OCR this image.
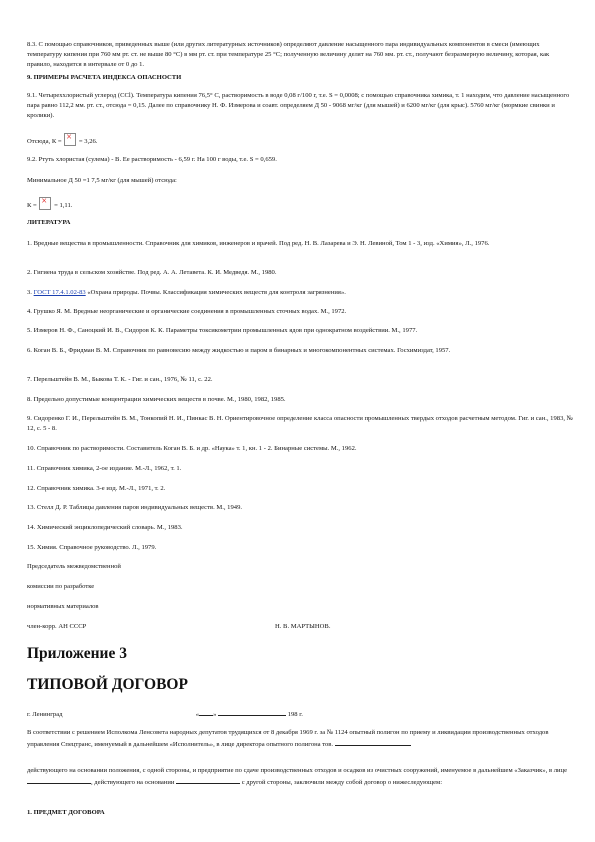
8.3. С помощью справочников, приведенных выше (или других литературных источников) определяют давление насыщенного пара индивидуальных компонентов в смеси (имеющих температуру кипения при 760 мм рт. ст. не выше 80 °С) в мм рт. ст. при температуре 25 °С; полученную величину делят на 760 мм. рт. ст., получают безразмерную величину, которая, как правило, находится в интервале от 0 до 1.

9. ПРИМЕРЫ РАСЧЕТА ИНДЕКСА ОПАСНОСТИ

9.1. Четыреххлористый углерод (ССl). Температура кипения 76,5° С, растворимость в воде 0,08 г/100 г, т.е. S = 0,0008; с помощью справочника химика, т. 1 находим, что давление насыщенного пара равно 112,2 мм. рт. ст., отсюда = 0,15. Далее по справочнику Н. Ф. Измерова и соавт. определяем Д 50 - 9068 мг/кг (для мышей) и 6200 мг/кг (для крыс). 5760 мг/кг (мормкие свинки и кролики).

Отсюда, К = ×	= 3,26.

9.2. Ртуть хлористая (сулема) - В. Ее растворимость - 6,59 г. На 100 г воды, т.е. S = 0,659.

Минимальное Д 50 =1 7,5 мг/кг (для мышей) отсюда:

К = ×	= 1,11.

ЛИТЕРАТУРА

1. Вредные вещества в промышленности. Справочник для химиков, инженеров и врачей. Под ред. Н. В. Лазарева и Э. Н. Левиной, Том 1 - 3, изд. «Химия», Л., 1976.

2. Гигиена труда в сельском хозяйстве. Под ред. А. А. Летавета. К. И. Медведя. М., 1980.

3. ГОСТ 17.4.1.02-83 «Охрана природы. Почвы. Классификация химических веществ для контроля загрязнения».

4. Грушко Я. М. Вредные неорганические и органические соединения в промышленных сточных водах. М., 1972.

5. Измеров Н. Ф., Саноцкий И. В., Сидоров К. К. Параметры токсикометрии промышленных ядов при однократном воздействии. М., 1977.

6. Коган В. Б., Фридман В. М. Справочник по равновесию между жидкостью и паром в бинарных и многокомпонентных системах. Госхимиздат, 1957.

7. Перельштейн В. М., Быкова Т. К. - Гиг. и сан., 1976, № 11, с. 22.

8. Предельно допустимые концентрации химических веществ в почве. М., 1980, 1982, 1985.

9. Сидоренко Г. И., Перельштейн В. М., Тонкопий Н. И., Пинкас В. Н. Ориентировочное определение класса опасности промышленных твердых отходов расчетным методом. Гиг. и сан., 1983, № 12, с. 5 - 8.

10. Справочник по растворимости. Составитель Коган В. Б. и др. «Наука» т. 1, кн. 1 - 2. Бинарные системы. М., 1962.

11. Справочник химика, 2-ое издание. М.-Л., 1962, т. 1.

12. Справочник химика. 3-е изд. М.-Л., 1971, т. 2.

13. Стелл Д. Р. Таблицы давления паров индивидуальных веществ. М., 1949.

14. Химический энциклопедический словарь. М., 1983.

15. Химия. Справочное руководство. Л., 1979.

Председатель межведомственной

комиссии по разработке

нормативных материалов

член-корр. АН СССР	Н. В. МАРТЫНОВ.

Приложение 3
ТИПОВОЙ ДОГОВОР

г. Ленинград	« »	198 г.

В соответствии с решением Исполкома Ленсовета народных депутатов трудящихся от 8 декабря 1969 г. за № 1124 опытный полигон по приему и ликвидации производственных отходов управления Спецтранс, именуемый в дальнейшем «Исполнитель», в лице директора опытного полигона тов.

действующего на основании положения, с одной стороны, и предприятие по сдаче производственных отходов и осадков из очистных сооружений, именуемое в дальнейшем «Заказчик», в лице , действующего на основании	с другой стороны, заключили между собой договор о нижеследующем:

1. ПРЕДМЕТ ДОГОВОРА
